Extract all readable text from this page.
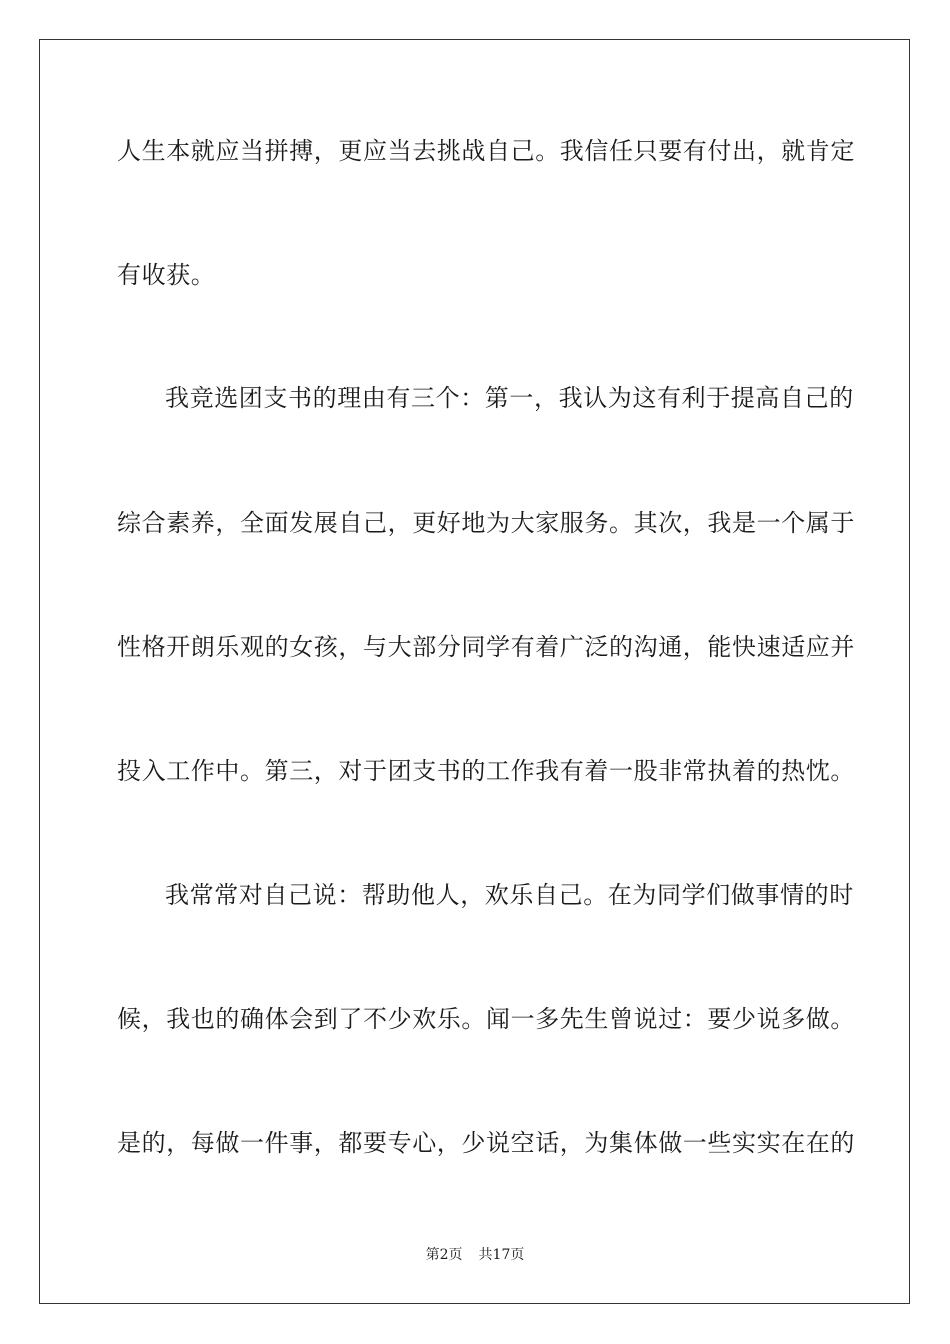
人生本就应当拼搏，更应当去挑战自己。我信任只要有付出，就肯定
有收获。
我竞选团支书的理由有三个：第一，我认为这有利于提高自己的
综合素养，全面发展自己，更好地为大家服务。其次，我是一个属于
性格开朗乐观的女孩，与大部分同学有着广泛的沟通，能快速适应并
投入工作中。第三，对于团支书的工作我有着一股非常执着的热忱。
我常常对自己说：帮助他人，欢乐自己。在为同学们做事情的时
候，我也的确体会到了不少欢乐。闻一多先生曾说过：要少说多做。
是的，每做一件事，都要专心，少说空话，为集体做一些实实在在的
第2页 共17页
